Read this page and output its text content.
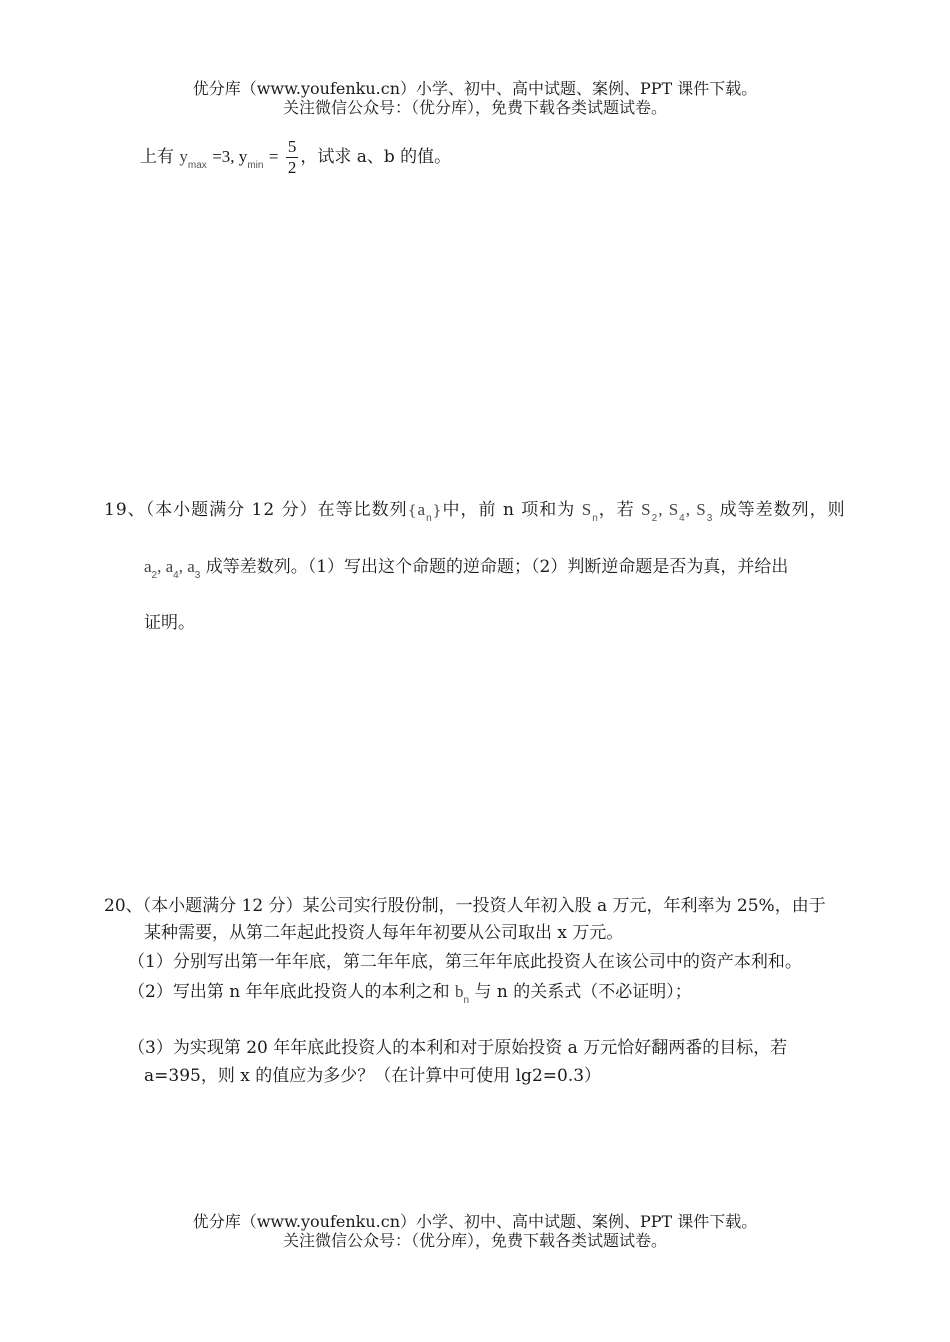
优分库（www.youfenku.cn）小学、初中、高中试题、案例、PPT 课件下载。
关注微信公众号：（优分库），免费下载各类试题试卷。
上有 $y_{max} =3$, $y_{min} = \frac{5}{2}$ ，试求 a、b 的值。
19、（本小题满分 12 分）在等比数列$\{a_n\}$中，前 n 项和为 $S_n$，若 $S_2$, $S_4$, $S_3$ 成等差数列，则
$a_2$, $a_4$, $a_3$ 成等差数列。（1）写出这个命题的逆命题；（2）判断逆命题是否为真，并给出
证明。
20、（本小题满分 12 分）某公司实行股份制，一投资人年初入股 a 万元，年利率为 25%，由于
某种需要，从第二年起此投资人每年年初要从公司取出 x 万元。
（1）分别写出第一年年底，第二年年底，第三年年底此投资人在该公司中的资产本利和。
（2）写出第 n 年年底此投资人的本利之和 $b_n$ 与 n 的关系式（不必证明）；
（3）为实现第 20 年年底此投资人的本利和对于原始投资 a 万元恰好翻两番的目标，若
a=395，则 x 的值应为多少？（在计算中可使用 lg2=0.3）
优分库（www.youfenku.cn）小学、初中、高中试题、案例、PPT 课件下载。
关注微信公众号：（优分库），免费下载各类试题试卷。
